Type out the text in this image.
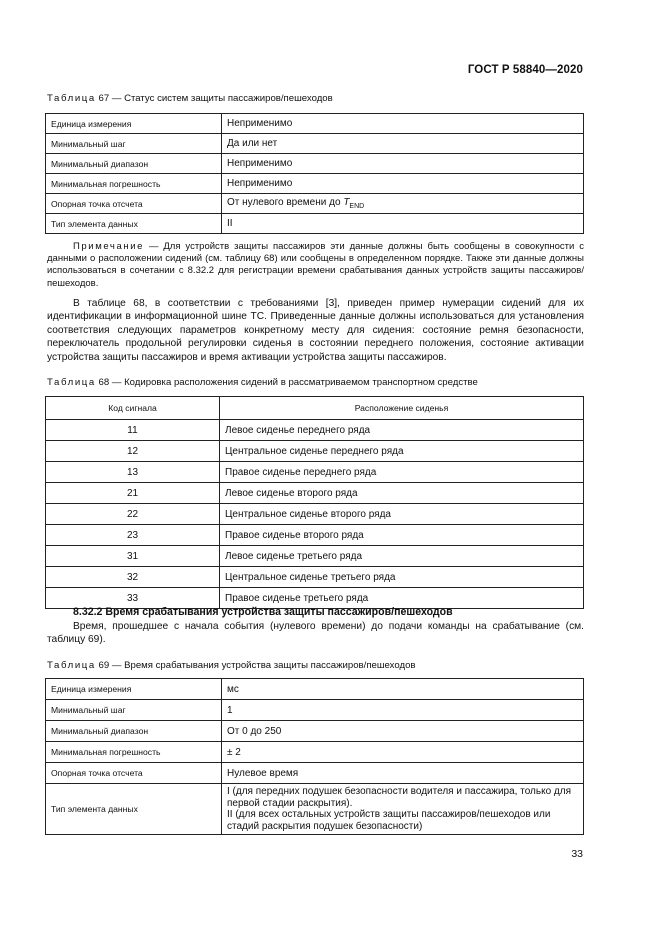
ГОСТ Р 58840—2020
Таблица 67 — Статус систем защиты пассажиров/пешеходов
Единица измерения	Неприменимо
Минимальный шаг	Да или нет
Минимальный диапазон	Неприменимо
Минимальная погрешность	Неприменимо
Опорная точка отсчета	От нулевого времени до $T_{END}$
Тип элемента данных	II
Примечание — Для устройств защиты пассажиров эти данные должны быть сообщены в совокупности с данными о расположении сидений (см. таблицу 68) или сообщены в определенном порядке. Также эти данные должны использоваться в сочетании с 8.32.2 для регистрации времени срабатывания данных устройств защиты пассажиров/пешеходов.
В таблице 68, в соответствии с требованиями [3], приведен пример нумерации сидений для их идентификации в информационной шине ТС. Приведенные данные должны использоваться для установления соответствия следующих параметров конкретному месту для сидения: состояние ремня безопасности, переключатель продольной регулировки сиденья в состоянии переднего положения, состояние активации устройства защиты пассажиров и время активации устройства защиты пассажиров.
Таблица 68 — Кодировка расположения сидений в рассматриваемом транспортном средстве
Код сигнала	Расположение сиденья
11	Левое сиденье переднего ряда
12	Центральное сиденье переднего ряда
13	Правое сиденье переднего ряда
21	Левое сиденье второго ряда
22	Центральное сиденье второго ряда
23	Правое сиденье второго ряда
31	Левое сиденье третьего ряда
32	Центральное сиденье третьего ряда
33	Правое сиденье третьего ряда
8.32.2 Время срабатывания устройства защиты пассажиров/пешеходов
Время, прошедшее с начала события (нулевого времени) до подачи команды на срабатывание (см. таблицу 69).
Таблица 69 — Время срабатывания устройства защиты пассажиров/пешеходов
Единица измерения	мс
Минимальный шаг	1
Минимальный диапазон	От 0 до 250
Минимальная погрешность	± 2
Опорная точка отсчета	Нулевое время
Тип элемента данных	I (для передних подушек безопасности водителя и пассажира, только для первой стадии раскрытия).
II (для всех остальных устройств защиты пассажиров/пешеходов или стадий раскрытия подушек безопасности)
33
